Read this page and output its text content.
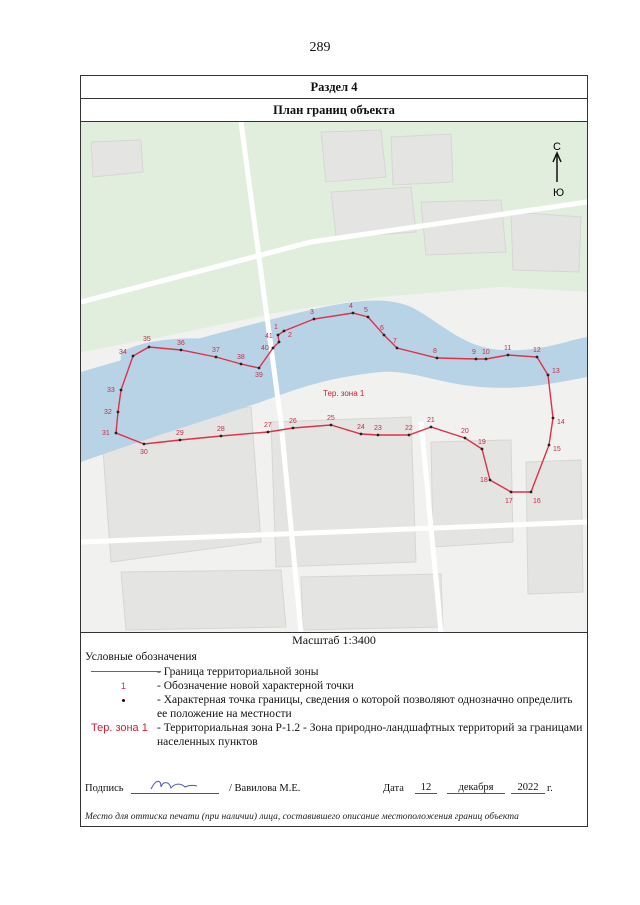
289
Раздел 4
План границ объекта
С
Ю
Тер. зона 1
1
2
3
4
5
6
7
8	9 10
11	12
13
14
15
16
17
18
19
20
21
22
23
24
25
26
27
28
29
30
31
32
33
34
35
36
37
38
39
40
41
Масштаб 1:3400
Условные обозначения
- Граница территориальной зоны
1	- Обозначение новой характерной точки
- Характерная точка границы, сведения о которой позволяют однозначно определить ее положение на местности
Тер. зона 1 - Территориальная зона Р-1.2 - Зона природно-ландшафтных территорий за границами населенных пунктов
Подпись	/ Вавилова М.Е.	Дата	12	декабря	2022 г.
Место для оттиска печати (при наличии) лица, составившего описание местоположения границ объекта
